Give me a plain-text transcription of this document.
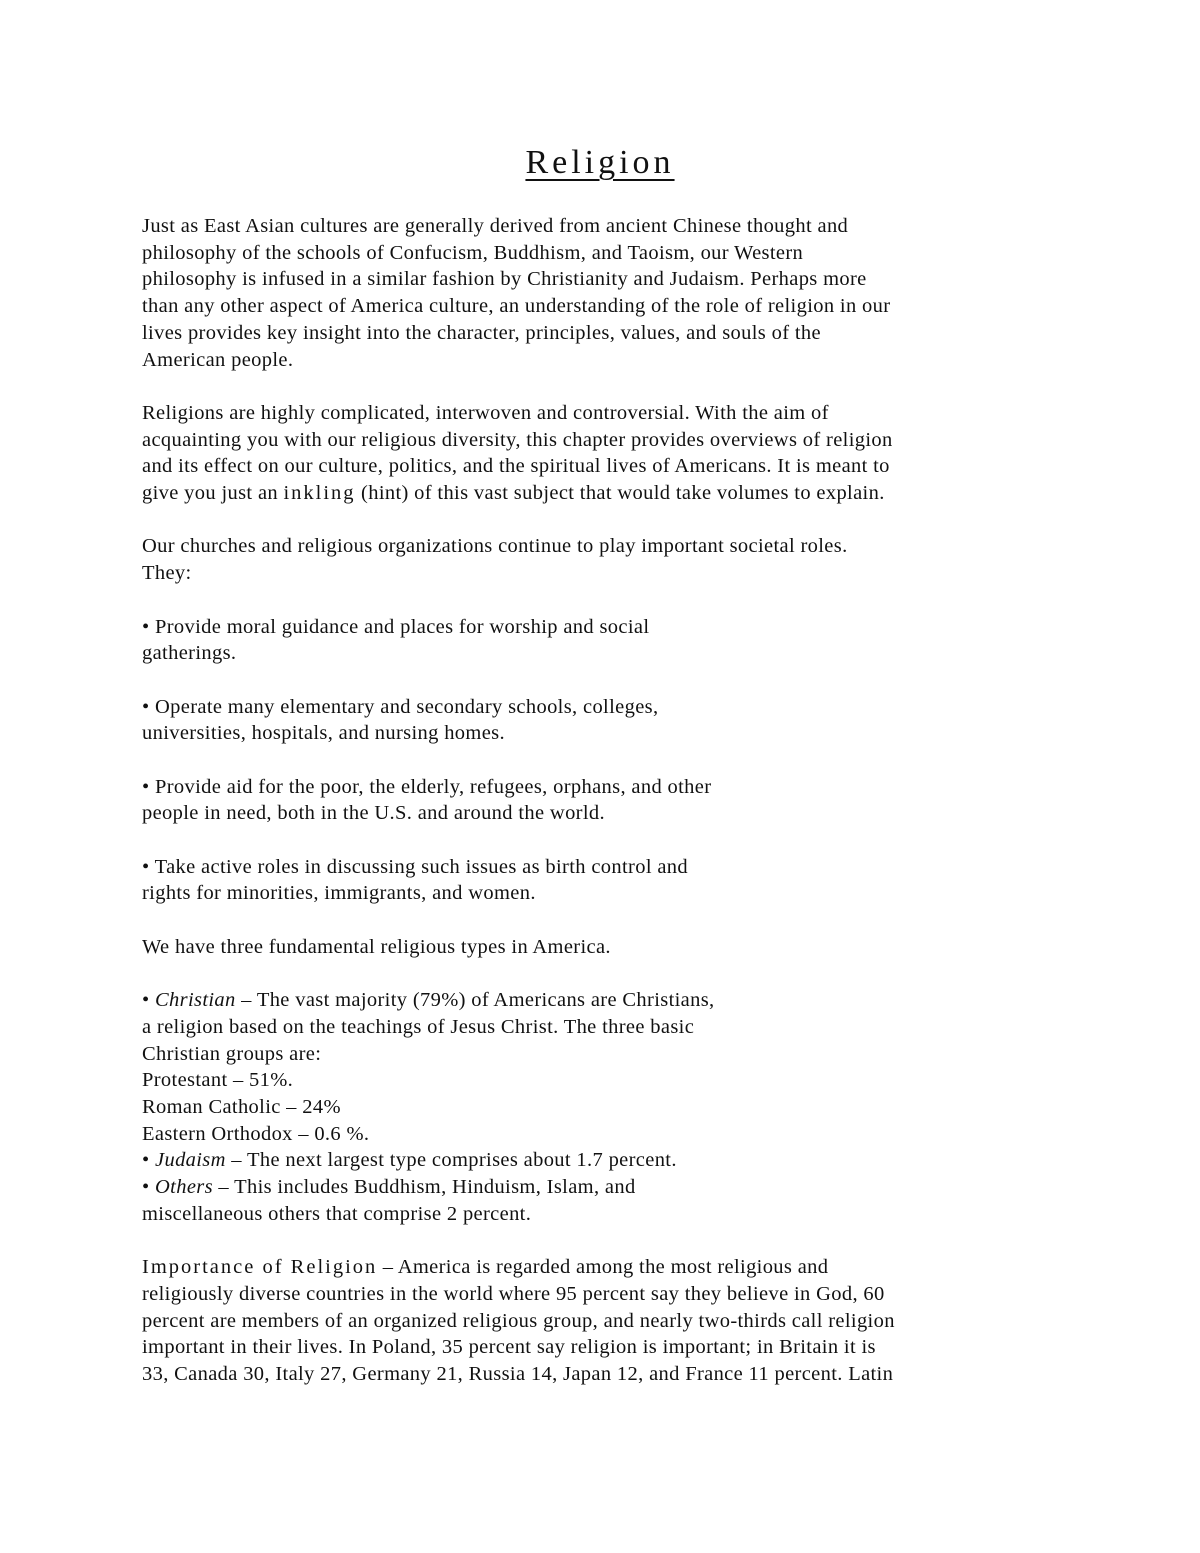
Religion

Just as East Asian cultures are generally derived from ancient Chinese thought and
philosophy of the schools of Confucism, Buddhism, and Taoism, our Western
philosophy is infused in a similar fashion by Christianity and Judaism. Perhaps more
than any other aspect of America culture, an understanding of the role of religion in our
lives provides key insight into the character, principles, values, and souls of the
American people.

Religions are highly complicated, interwoven and controversial. With the aim of
acquainting you with our religious diversity, this chapter provides overviews of religion
and its effect on our culture, politics, and the spiritual lives of Americans. It is meant to
give you just an inkling (hint) of this vast subject that would take volumes to explain.

Our churches and religious organizations continue to play important societal roles.
They:

• Provide moral guidance and places for worship and social
gatherings.

• Operate many elementary and secondary schools, colleges,
universities, hospitals, and nursing homes.

• Provide aid for the poor, the elderly, refugees, orphans, and other
people in need, both in the U.S. and around the world.

• Take active roles in discussing such issues as birth control and
rights for minorities, immigrants, and women.

We have three fundamental religious types in America.

• Christian – The vast majority (79%) of Americans are Christians,
a religion based on the teachings of Jesus Christ. The three basic
Christian groups are:
Protestant – 51%.
Roman Catholic – 24%
Eastern Orthodox – 0.6 %.
• Judaism – The next largest type comprises about 1.7 percent.
• Others – This includes Buddhism, Hinduism, Islam, and
miscellaneous others that comprise 2 percent.

Importance of Religion – America is regarded among the most religious and
religiously diverse countries in the world where 95 percent say they believe in God, 60
percent are members of an organized religious group, and nearly two-thirds call religion
important in their lives. In Poland, 35 percent say religion is important; in Britain it is
33, Canada 30, Italy 27, Germany 21, Russia 14, Japan 12, and France 11 percent. Latin
